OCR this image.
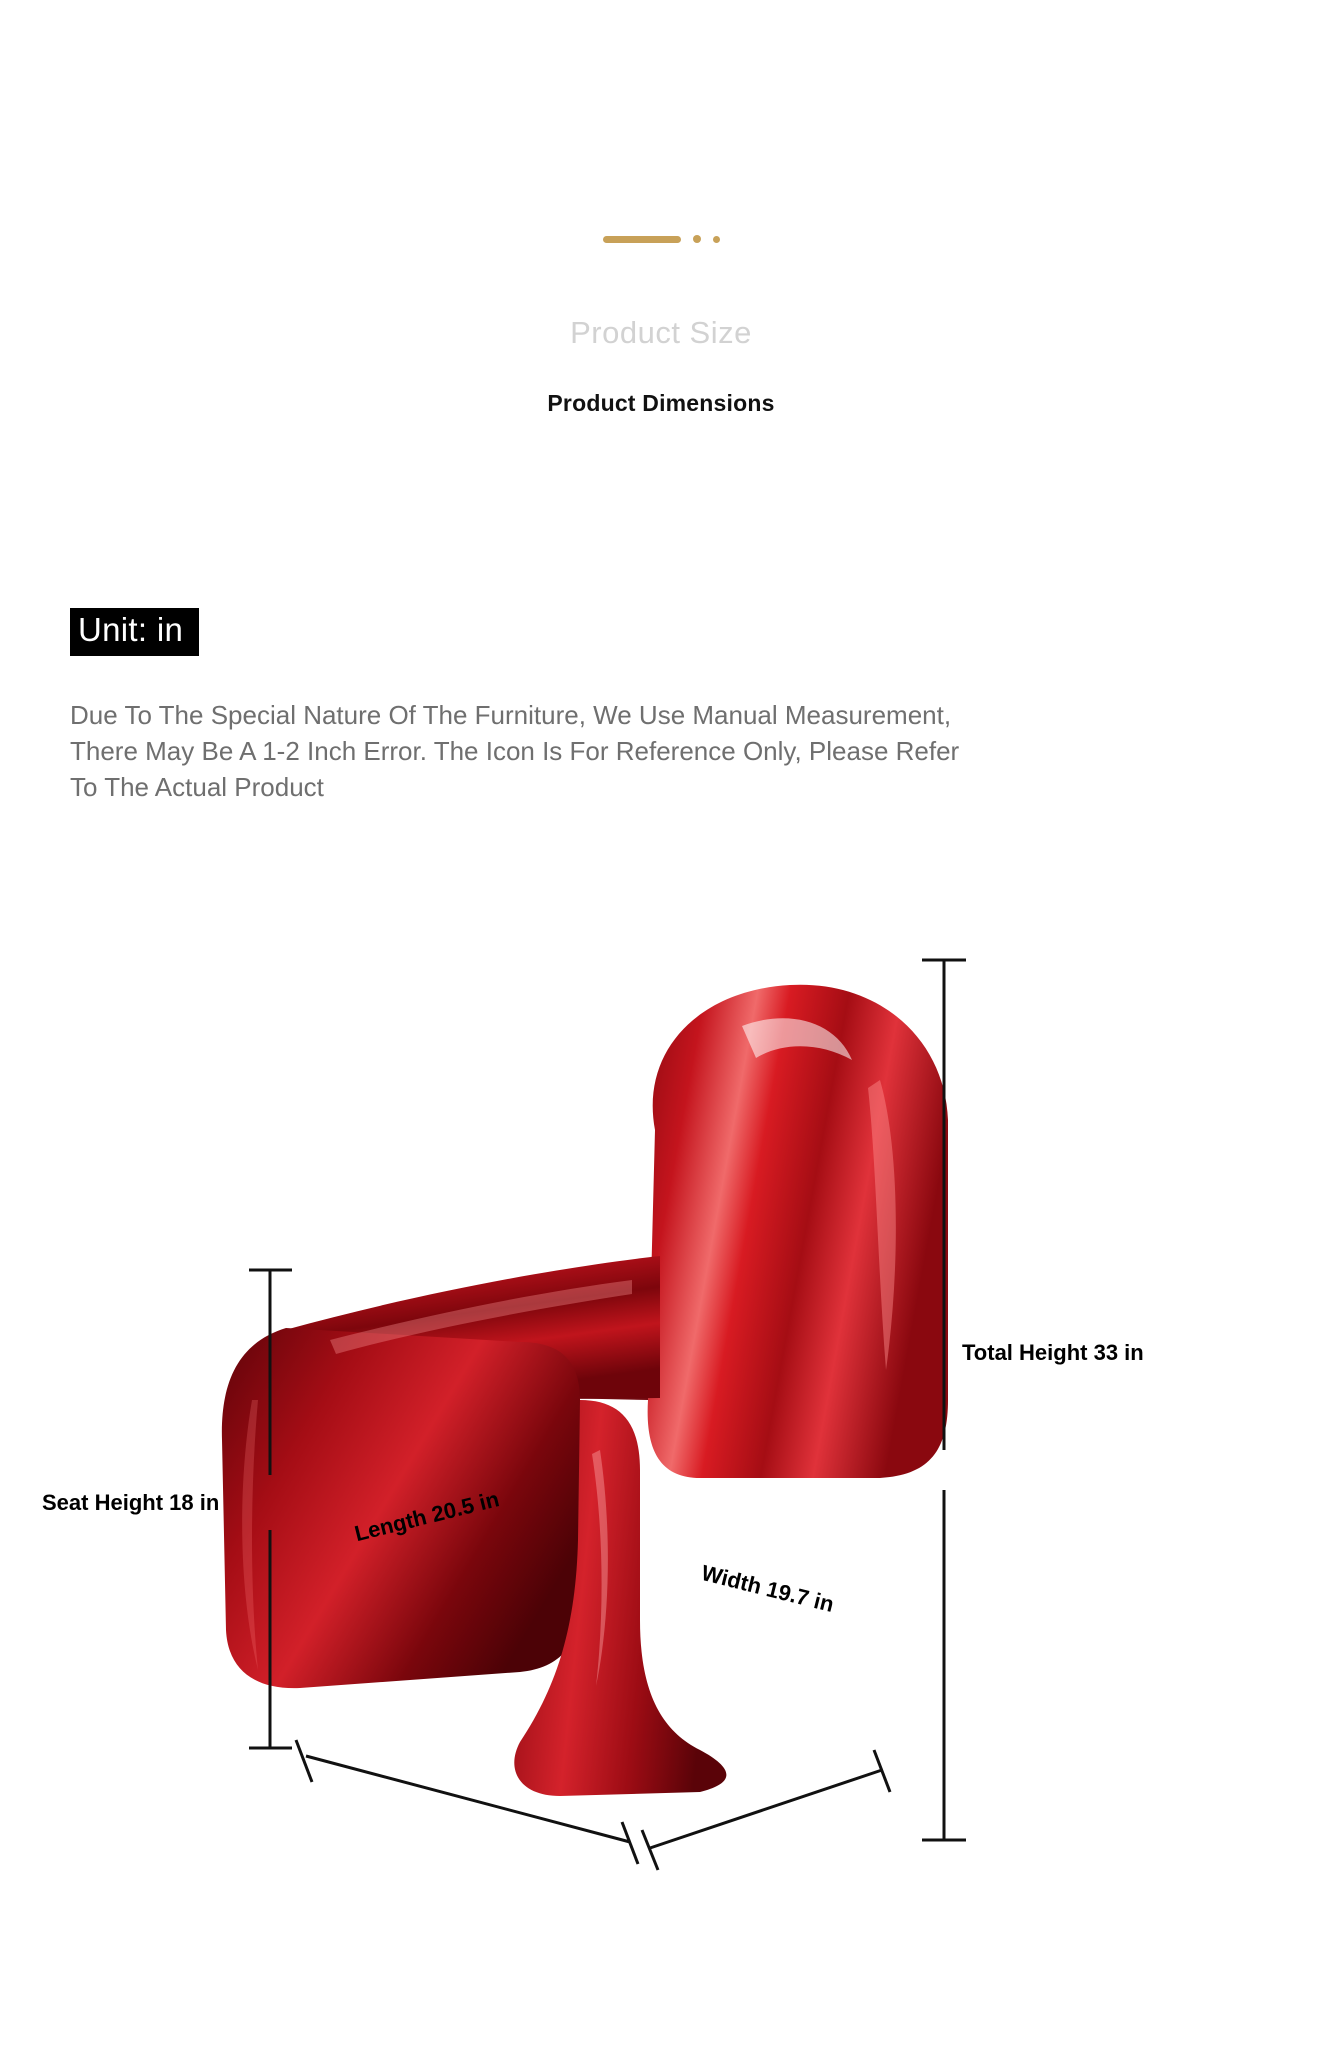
Product Size
Product Dimensions
Unit: in
Due To The Special Nature Of The Furniture, We Use Manual Measurement, There May Be A 1-2 Inch Error. The Icon Is For Reference Only, Please Refer To The Actual Product
Total Height 33 in
Seat Height 18 in	Length 20.5 in
Width 19.7 in
